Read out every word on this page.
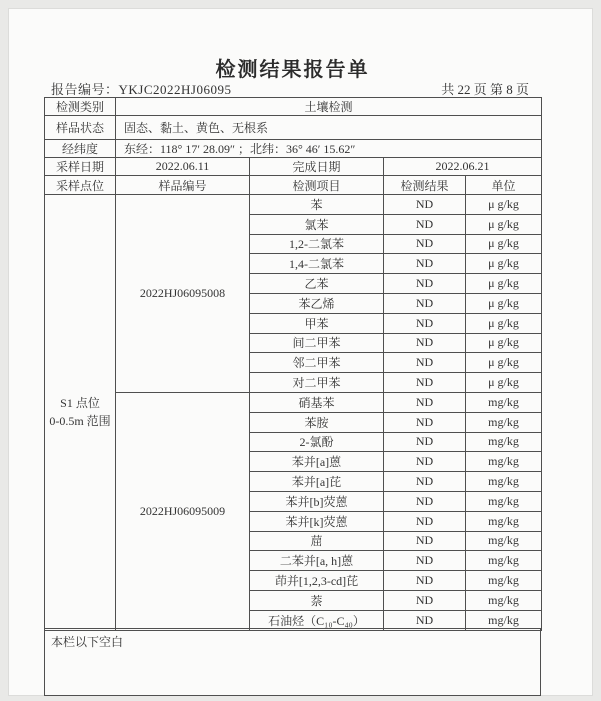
检测结果报告单
报告编号：YKJC2022HJ06095	共 22 页 第 8 页
检测类别	土壤检测			
样品状态	固态、黏土、黄色、无根系			
经纬度	东经：118° 17′ 28.09″ ；北纬：36° 46′ 15.62″			
采样日期	2022.06.11	完成日期	2022.06.21	
采样点位	样品编号	检测项目	检测结果	单位

S1 点位
0-0.5m 范围	2022HJ06095008	苯	ND	μ g/kg
		氯苯	ND	μ g/kg
		1,2-二氯苯	ND	μ g/kg
		1,4-二氯苯	ND	μ g/kg
		乙苯	ND	μ g/kg
		苯乙烯	ND	μ g/kg
		甲苯	ND	μ g/kg
		间二甲苯	ND	μ g/kg
		邻二甲苯	ND	μ g/kg
		对二甲苯	ND	μ g/kg
	2022HJ06095009	硝基苯	ND	mg/kg
		苯胺	ND	mg/kg
		2-氯酚	ND	mg/kg
		苯并[a]蒽	ND	mg/kg
		苯并[a]芘	ND	mg/kg
		苯并[b]荧蒽	ND	mg/kg
		苯并[k]荧蒽	ND	mg/kg
		䓛	ND	mg/kg
		二苯并[a, h]蒽	ND	mg/kg
		茚并[1,2,3-cd]芘	ND	mg/kg
		萘	ND	mg/kg
		石油烃（C₁₀-C₄₀）	ND	mg/kg
本栏以下空白
